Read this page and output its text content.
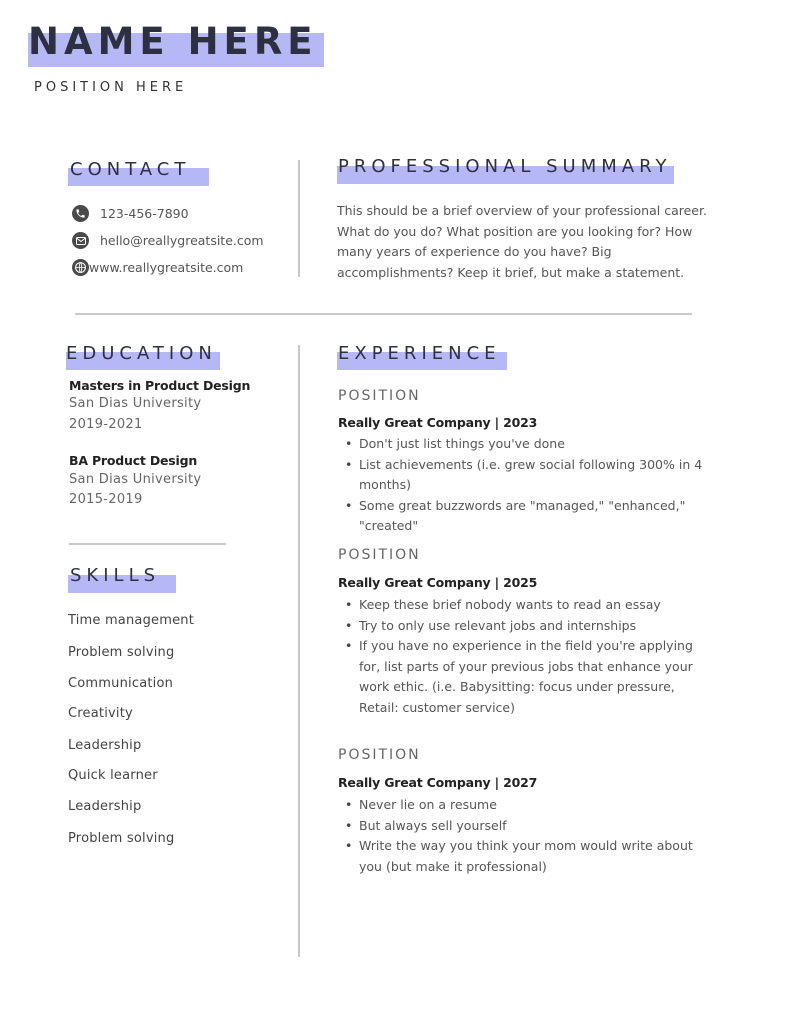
NAME HERE
POSITION HERE
CONTACT
123-456-7890
hello@reallygreatsite.com
www.reallygreatsite.com
PROFESSIONAL SUMMARY
This should be a brief overview of your professional career. What do you do? What position are you looking for? How many years of experience do you have? Big accomplishments? Keep it brief, but make a statement.
EDUCATION
Masters in Product Design
San Dias University
2019-2021
BA Product Design
San Dias University
2015-2019
SKILLS
Time management
Problem solving
Communication
Creativity
Leadership
Quick learner
Leadership
Problem solving
EXPERIENCE
POSITION
Really Great Company | 2023
• Don't just list things you've done
• List achievements (i.e. grew social following 300% in 4 months)
• Some great buzzwords are "managed," "enhanced," "created"
POSITION
Really Great Company | 2025
• Keep these brief nobody wants to read an essay
• Try to only use relevant jobs and internships
• If you have no experience in the field you're applying for, list parts of your previous jobs that enhance your work ethic. (i.e. Babysitting: focus under pressure, Retail: customer service)
POSITION
Really Great Company | 2027
• Never lie on a resume
• But always sell yourself
• Write the way you think your mom would write about you (but make it professional)
